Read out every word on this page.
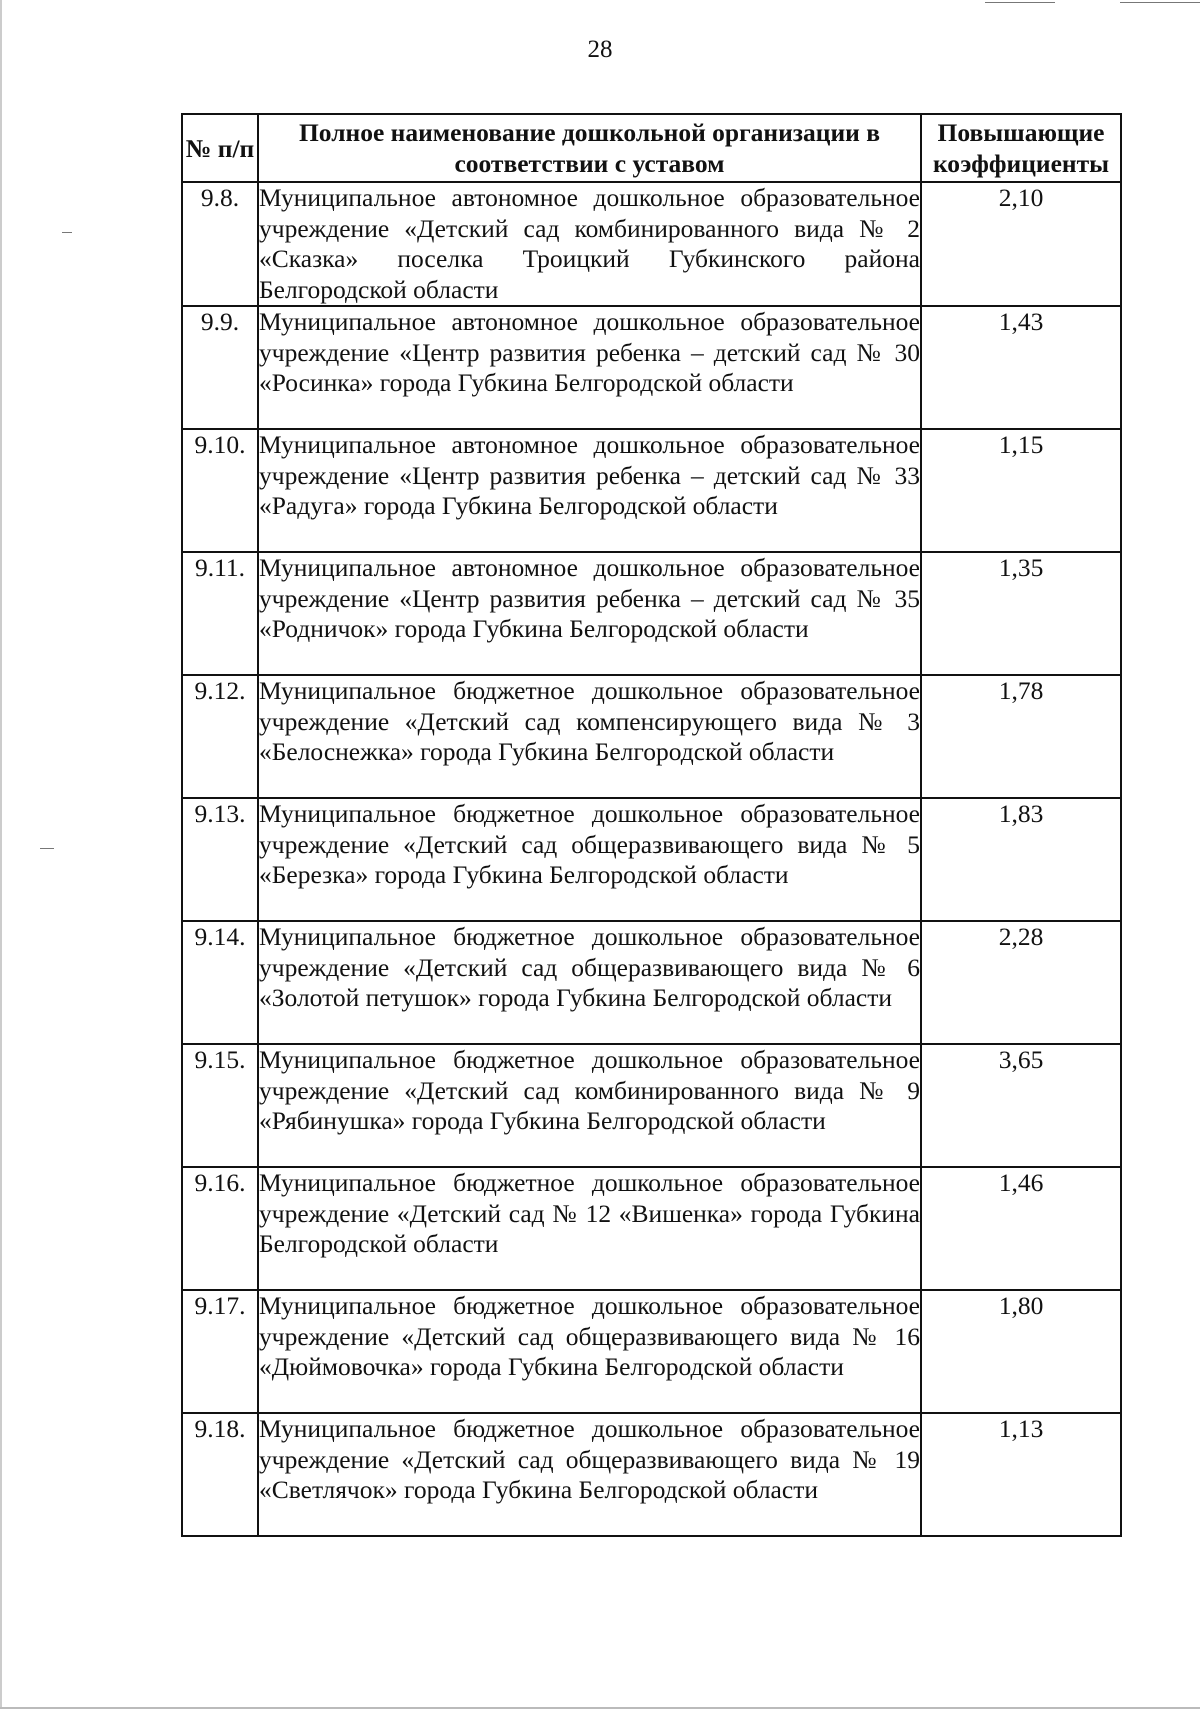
28
№ п/п	Полное наименование дошкольной организации в соответствии с уставом	Повышающие коэффициенты
9.8.	Муниципальное автономное дошкольное образовательное учреждение «Детский сад комбинированного вида № 2 «Сказка» поселка Троицкий Губкинского района Белгородской области	2,10
9.9.	Муниципальное автономное дошкольное образовательное учреждение «Центр развития ребенка – детский сад № 30 «Росинка» города Губкина Белгородской области	1,43
9.10.	Муниципальное автономное дошкольное образовательное учреждение «Центр развития ребенка – детский сад № 33 «Радуга» города Губкина Белгородской области	1,15
9.11.	Муниципальное автономное дошкольное образовательное учреждение «Центр развития ребенка – детский сад № 35 «Родничок» города Губкина Белгородской области	1,35
9.12.	Муниципальное бюджетное дошкольное образовательное учреждение «Детский сад компенсирующего вида № 3 «Белоснежка» города Губкина Белгородской области	1,78
9.13.	Муниципальное бюджетное дошкольное образовательное учреждение «Детский сад общеразвивающего вида № 5 «Березка» города Губкина Белгородской области	1,83
9.14.	Муниципальное бюджетное дошкольное образовательное учреждение «Детский сад общеразвивающего вида № 6 «Золотой петушок» города Губкина Белгородской области	2,28
9.15.	Муниципальное бюджетное дошкольное образовательное учреждение «Детский сад комбинированного вида № 9 «Рябинушка» города Губкина Белгородской области	3,65
9.16.	Муниципальное бюджетное дошкольное образовательное учреждение «Детский сад № 12 «Вишенка» города Губкина Белгородской области	1,46
9.17.	Муниципальное бюджетное дошкольное образовательное учреждение «Детский сад общеразвивающего вида № 16 «Дюймовочка» города Губкина Белгородской области	1,80
9.18.	Муниципальное бюджетное дошкольное образовательное учреждение «Детский сад общеразвивающего вида № 19 «Светлячок» города Губкина Белгородской области	1,13
